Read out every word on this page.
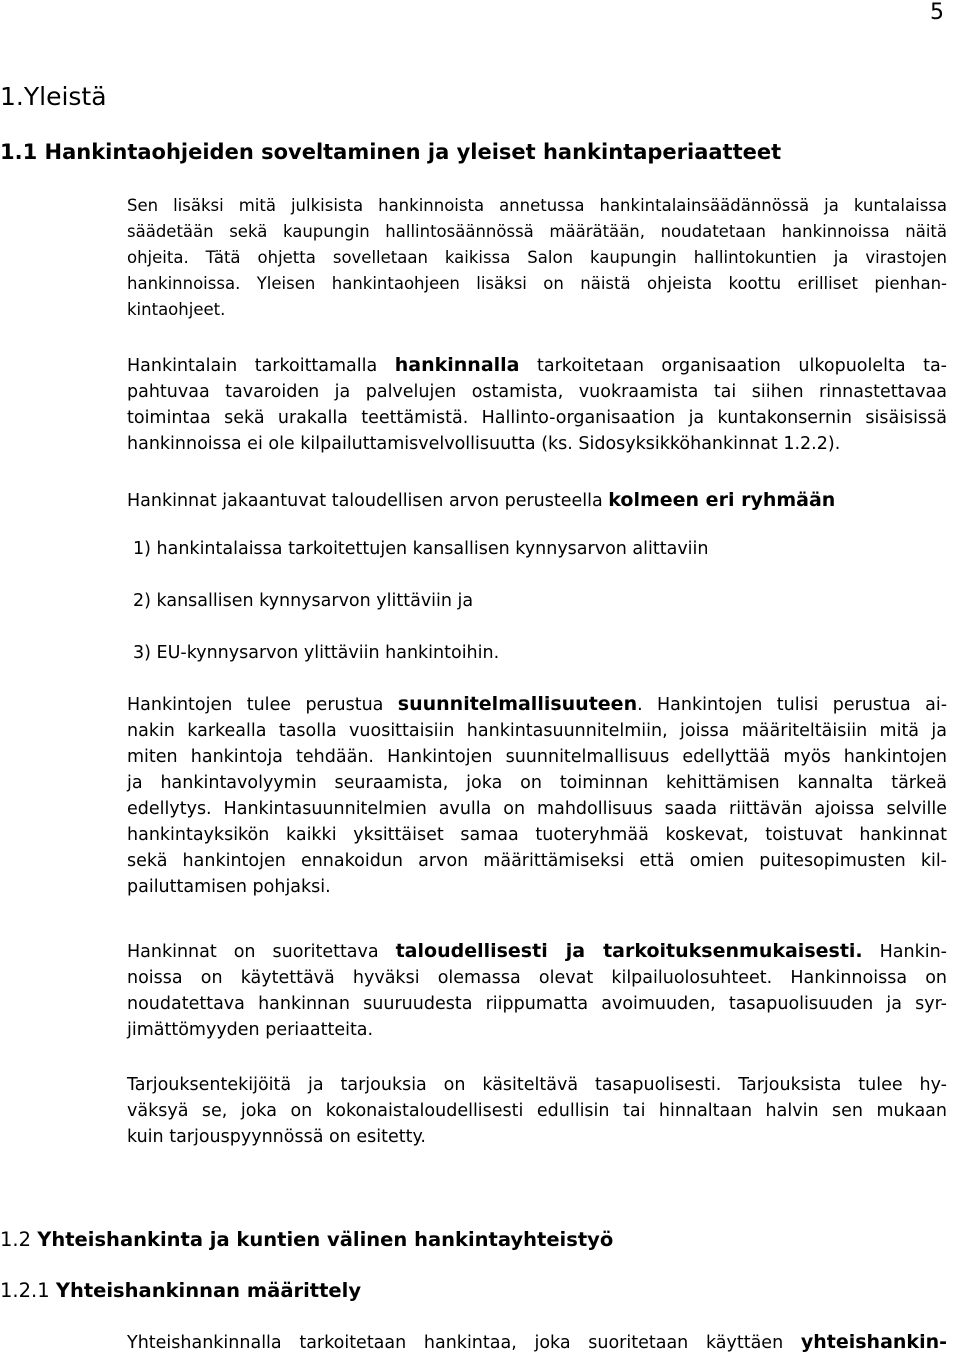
5
1.Yleistä
1.1 Hankintaohjeiden soveltaminen ja yleiset hankintaperiaatteet
Sen lisäksi mitä julkisista hankinnoista annetussa hankintalainsäädännössä ja kuntalaissa
säädetään sekä kaupungin hallintosäännössä määrätään, noudatetaan hankinnoissa näitä
ohjeita. Tätä ohjetta sovelletaan kaikissa Salon kaupungin hallintokuntien ja virastojen
hankinnoissa. Yleisen hankintaohjeen lisäksi on näistä ohjeista koottu erilliset pienhan-
kintaohjeet.
Hankintalain tarkoittamalla hankinnalla tarkoitetaan organisaation ulkopuolelta ta-
pahtuvaa tavaroiden ja palvelujen ostamista, vuokraamista tai siihen rinnastettavaa
toimintaa sekä urakalla teettämistä. Hallinto-organisaation ja kuntakonsernin sisäisissä
hankinnoissa ei ole kilpailuttamisvelvollisuutta (ks. Sidosyksikköhankinnat 1.2.2).
Hankinnat jakaantuvat taloudellisen arvon perusteella kolmeen eri ryhmään
1) hankintalaissa tarkoitettujen kansallisen kynnysarvon alittaviin
2) kansallisen kynnysarvon ylittäviin ja
3) EU-kynnysarvon ylittäviin hankintoihin.
Hankintojen tulee perustua suunnitelmallisuuteen. Hankintojen tulisi perustua ai-
nakin karkealla tasolla vuosittaisiin hankintasuunnitelmiin, joissa määriteltäisiin mitä ja
miten hankintoja tehdään. Hankintojen suunnitelmallisuus edellyttää myös hankintojen
ja hankintavolyymin seuraamista, joka on toiminnan kehittämisen kannalta tärkeä
edellytys. Hankintasuunnitelmien avulla on mahdollisuus saada riittävän ajoissa selville
hankintayksikön kaikki yksittäiset samaa tuoteryhmää koskevat, toistuvat hankinnat
sekä hankintojen ennakoidun arvon määrittämiseksi että omien puitesopimusten kil-
pailuttamisen pohjaksi.
Hankinnat on suoritettava taloudellisesti ja tarkoituksenmukaisesti. Hankin-
noissa on käytettävä hyväksi olemassa olevat kilpailuolosuhteet. Hankinnoissa on
noudatettava hankinnan suuruudesta riippumatta avoimuuden, tasapuolisuuden ja syr-
jimättömyyden periaatteita.
Tarjouksentekijöitä ja tarjouksia on käsiteltävä tasapuolisesti. Tarjouksista tulee hy-
väksyä se, joka on kokonaistaloudellisesti edullisin tai hinnaltaan halvin sen mukaan
kuin tarjouspyynnössä on esitetty.
1.2 Yhteishankinta ja kuntien välinen hankintayhteistyö
1.2.1 Yhteishankinnan määrittely
Yhteishankinnalla tarkoitetaan hankintaa, joka suoritetaan käyttäen yhteishankin-
